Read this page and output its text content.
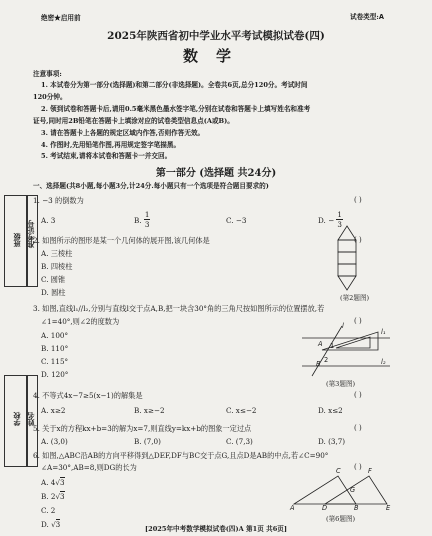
绝密★启用前	试卷类型:A
2025年陕西省初中学业水平考试模拟试卷(四)
数学
注意事项:
1. 本试卷分为第一部分(选择题)和第二部分(非选择题)。全卷共6页,总分120分。考试时间
120分钟。
2. 领到试卷和答题卡后,请用0.5毫米黑色墨水签字笔,分别在试卷和答题卡上填写姓名和准考
证号,同时用2B铅笔在答题卡上填涂对应的试卷类型信息点(A或B)。
3. 请在答题卡上各题的规定区域内作答,否则作答无效。
4. 作图时,先用铅笔作图,再用规定签字笔描黑。
5. 考试结束,请将本试卷和答题卡一并交回。
第一部分 (选择题 共24分)
一、选择题(共8小题,每小题3分,计24分.每小题只有一个选项是符合题目要求的)
班级 准考证号
学校 姓名
1. −3 的倒数为	( )
A. 3	B. $\frac{1}{3}$	C. −3	D. − $\frac{1}{3}$
2. 如图所示的图形是某一个几何体的展开图,该几何体是	( )
A. 三棱柱
B. 四棱柱
C. 圆锥
D. 圆柱
(第2题图)
3. 如图,直线l₁//l₂,分别与直线l交于点A,B,把一块含30°角的三角尺按如图所示的位置摆放,若
∠1=40°,则∠2的度数为	( )
A. 100°
B. 110°
C. 115°
D. 120°
A
B
1
2
l
l₁
l₂
(第3题图)
4. 不等式4x−7≥5(x−1)的解集是	( )
A. x≥2	B. x≥−2	C. x≤−2	D. x≤2
5. 关于x的方程kx+b=3的解为x=7,则直线y=kx+b的图象一定过点	( )
A. (3,0)	B. (7,0)	C. (7,3)	D. (3,7)
6. 如图,△ABC沿AB的方向平移得到△DEF,DF与BC交于点G,且点D是AB的中点,若∠C=90°
∠A=30°,AB=8,则DG的长为	( )
A. 4√3
B. 2√3
C. 2
D. √3
A	D	B	E
C	F
G
(第6题图)
[2025年中考数学模拟试卷(四)A 第1页 共6页]
